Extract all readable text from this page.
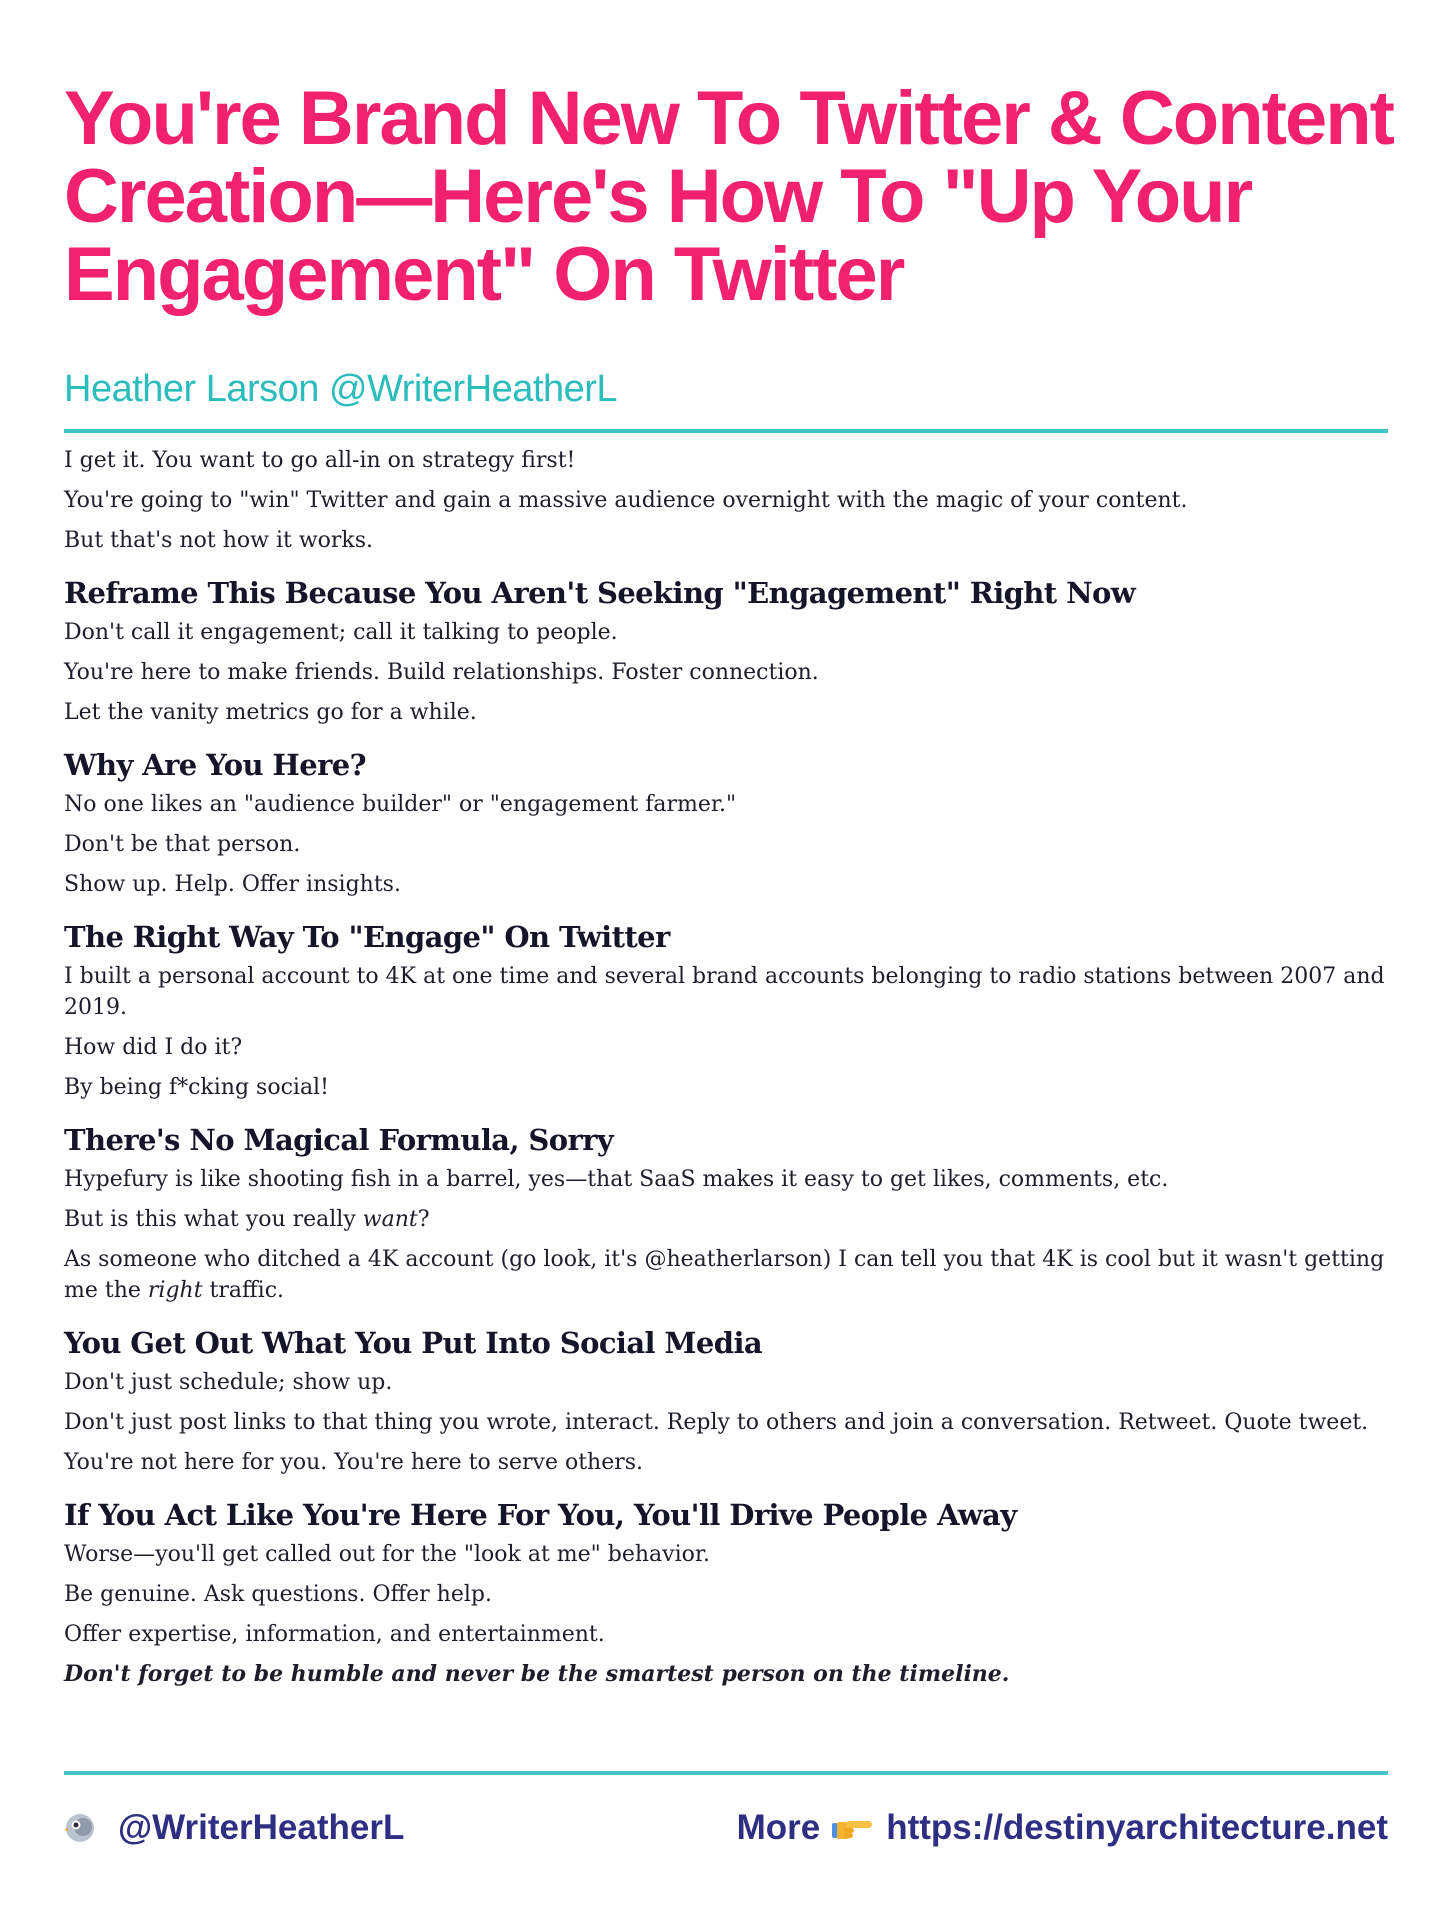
You're Brand New To Twitter & Content Creation—Here's How To "Up Your Engagement" On Twitter
Heather Larson @WriterHeatherL

I get it. You want to go all-in on strategy first!

You're going to "win" Twitter and gain a massive audience overnight with the magic of your content.

But that's not how it works.

Reframe This Because You Aren't Seeking "Engagement" Right Now

Don't call it engagement; call it talking to people.

You're here to make friends. Build relationships. Foster connection.

Let the vanity metrics go for a while.

Why Are You Here?

No one likes an "audience builder" or "engagement farmer."

Don't be that person.

Show up. Help. Offer insights.

The Right Way To "Engage" On Twitter

I built a personal account to 4K at one time and several brand accounts belonging to radio stations between 2007 and 2019.

How did I do it?

By being f*cking social!

There's No Magical Formula, Sorry

Hypefury is like shooting fish in a barrel, yes—that SaaS makes it easy to get likes, comments, etc.

But is this what you really want?

As someone who ditched a 4K account (go look, it's @heatherlarson) I can tell you that 4K is cool but it wasn't getting me the right traffic.

You Get Out What You Put Into Social Media

Don't just schedule; show up.

Don't just post links to that thing you wrote, interact. Reply to others and join a conversation. Retweet. Quote tweet.

You're not here for you. You're here to serve others.

If You Act Like You're Here For You, You'll Drive People Away

Worse—you'll get called out for the "look at me" behavior.

Be genuine. Ask questions. Offer help.

Offer expertise, information, and entertainment.

Don't forget to be humble and never be the smartest person on the timeline.

@WriterHeatherL	More https://destinyarchitecture.net
